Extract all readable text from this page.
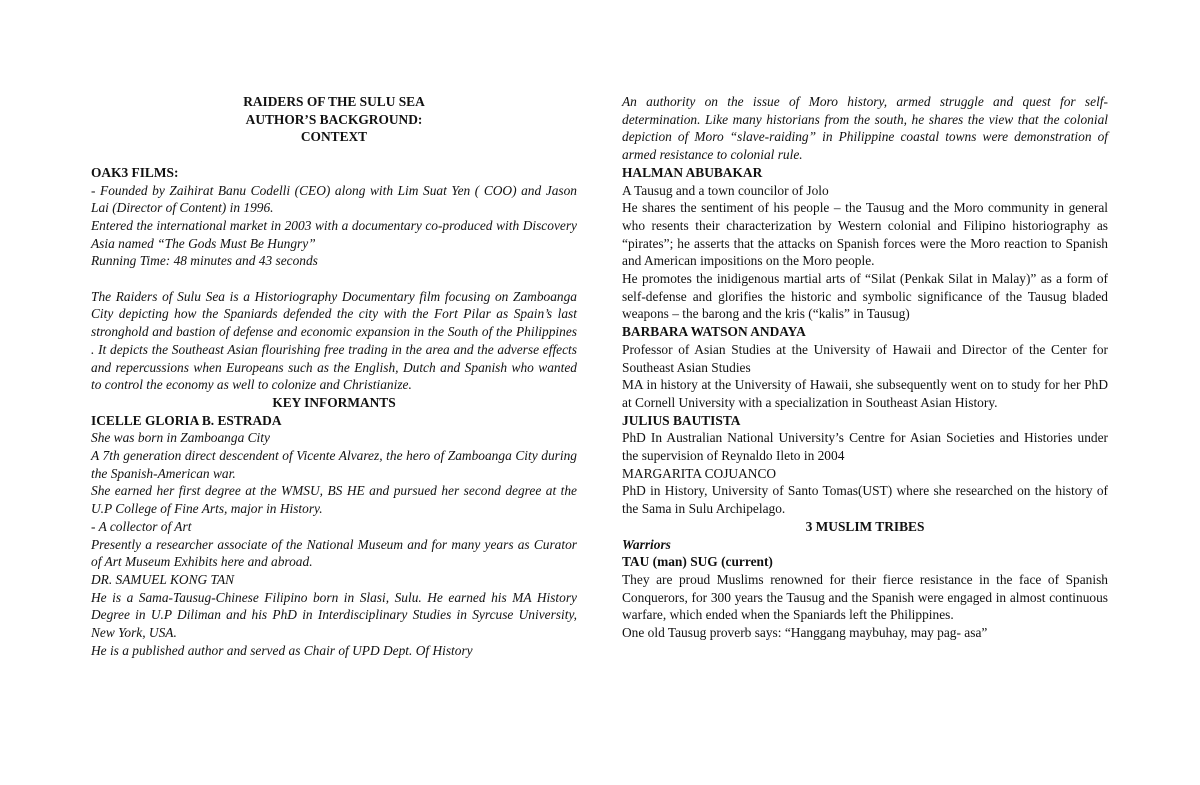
RAIDERS OF THE SULU SEA

AUTHOR’S BACKGROUND:

CONTEXT

OAK3 FILMS:

- Founded by Zaihirat Banu Codelli (CEO) along with Lim Suat Yen ( COO) and Jason Lai (Director of Content) in 1996.

Entered the international market in 2003 with a documentary co-produced with Discovery Asia named “The Gods Must Be Hungry”

Running Time: 48 minutes and 43 seconds

The Raiders of Sulu Sea is a Historiography Documentary film focusing on Zamboanga City depicting how the Spaniards defended the city with the Fort Pilar as Spain’s last stronghold and bastion of defense and economic expansion in the South of the Philippines . It depicts the Southeast Asian flourishing free trading in the area and the adverse effects and repercussions when Europeans such as the English, Dutch and Spanish who wanted to control the economy as well to colonize and Christianize.

KEY INFORMANTS

ICELLE GLORIA B. ESTRADA

She was born in Zamboanga City

A 7th generation direct descendent of Vicente Alvarez, the hero of Zamboanga City during the Spanish-American war.

She earned her first degree at the WMSU, BS HE and pursued her second degree at the U.P College of Fine Arts, major in History.

- A collector of Art

Presently a researcher associate of the National Museum and for many years as Curator of Art Museum Exhibits here and abroad.

DR. SAMUEL KONG TAN

He is a Sama-Tausug-Chinese Filipino born in Slasi, Sulu. He earned his MA History Degree in U.P Diliman and his PhD in Interdisciplinary Studies in Syrcuse University, New York, USA.

He is a published author and served as Chair of UPD Dept. Of History

An authority on the issue of Moro history, armed struggle and quest for self-determination. Like many historians from the south, he shares the view that the colonial depiction of Moro “slave-raiding” in Philippine coastal towns were demonstration of armed resistance to colonial rule.

HALMAN ABUBAKAR

A Tausug and a town councilor of Jolo

He shares the sentiment of his people – the Tausug and the Moro community in general who resents their characterization by Western colonial and Filipino historiography as “pirates”; he asserts that the attacks on Spanish forces were the Moro reaction to Spanish and American impositions on the Moro people.

He promotes the inidigenous martial arts of “Silat (Penkak Silat in Malay)” as a form of self-defense and glorifies the historic and symbolic significance of the Tausug bladed weapons – the barong and the kris (“kalis” in Tausug)

BARBARA WATSON ANDAYA

Professor of Asian Studies at the University of Hawaii and Director of the Center for Southeast Asian Studies

MA in history at the University of Hawaii, she subsequently went on to study for her PhD at Cornell University with a specialization in Southeast Asian History.

JULIUS BAUTISTA

PhD In Australian National University’s Centre for Asian Societies and Histories under the supervision of Reynaldo Ileto in 2004

MARGARITA COJUANCO

PhD in History, University of Santo Tomas(UST) where she researched on the history of the Sama in Sulu Archipelago.

3 MUSLIM TRIBES

Warriors

TAU (man) SUG (current)

They are proud Muslims renowned for their fierce resistance in the face of Spanish Conquerors, for 300 years the Tausug and the Spanish were engaged in almost continuous warfare, which ended when the Spaniards left the Philippines.

One old Tausug proverb says: “Hanggang maybuhay, may pag- asa”
